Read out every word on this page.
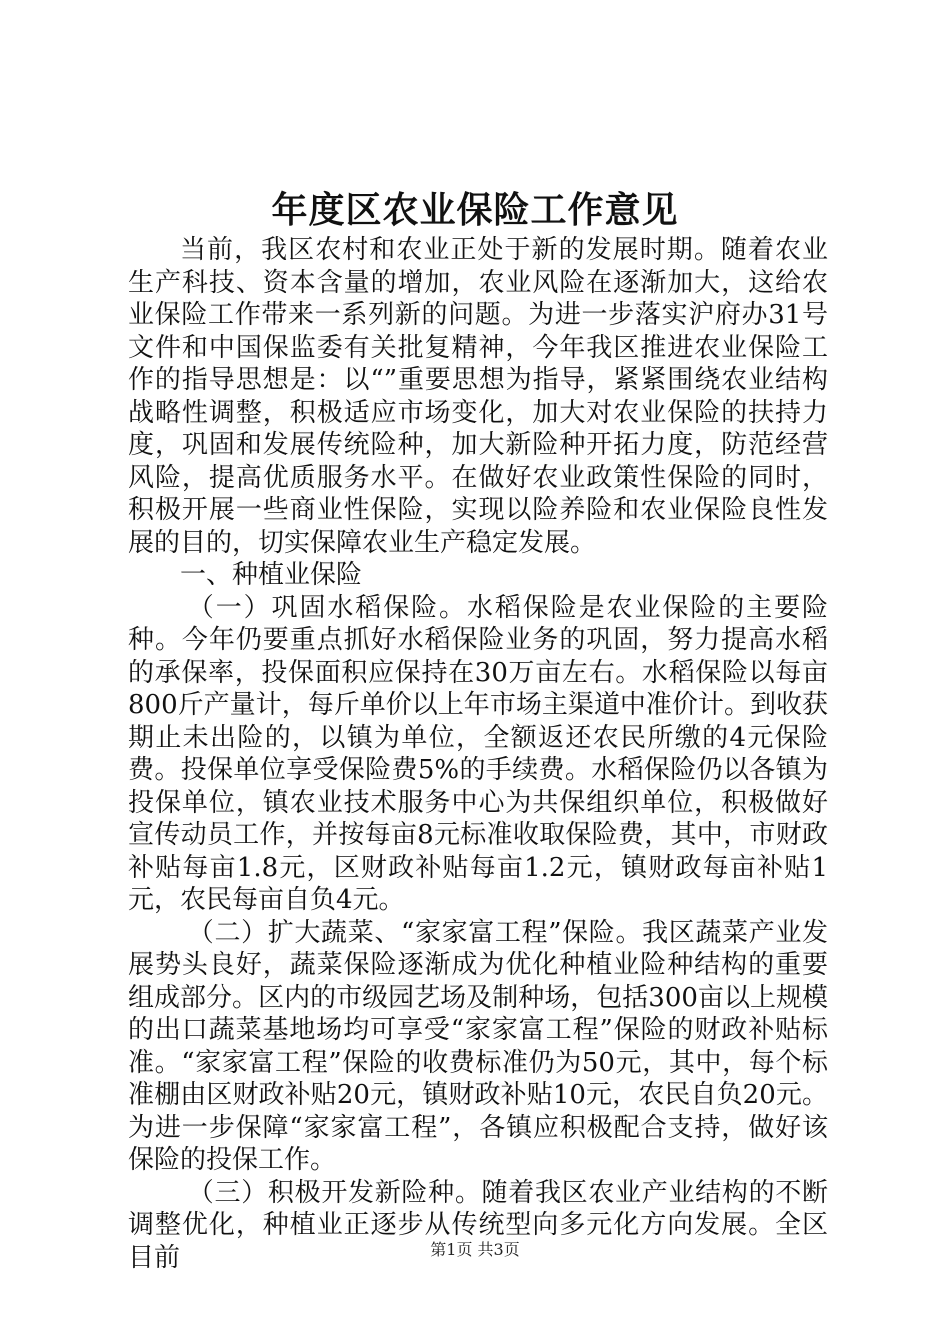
年度区农业保险工作意见

当前，我区农村和农业正处于新的发展时期。随着农业生产科技、资本含量的增加，农业风险在逐渐加大，这给农业保险工作带来一系列新的问题。为进一步落实沪府办31号文件和中国保监委有关批复精神，今年我区推进农业保险工作的指导思想是：以“”重要思想为指导，紧紧围绕农业结构战略性调整，积极适应市场变化，加大对农业保险的扶持力度，巩固和发展传统险种，加大新险种开拓力度，防范经营风险，提高优质服务水平。在做好农业政策性保险的同时，积极开展一些商业性保险，实现以险养险和农业保险良性发展的目的，切实保障农业生产稳定发展。

一、种植业保险

（一）巩固水稻保险。水稻保险是农业保险的主要险种。今年仍要重点抓好水稻保险业务的巩固，努力提高水稻的承保率，投保面积应保持在30万亩左右。水稻保险以每亩800斤产量计，每斤单价以上年市场主渠道中准价计。到收获期止未出险的，以镇为单位，全额返还农民所缴的4元保险费。投保单位享受保险费5%的手续费。水稻保险仍以各镇为投保单位，镇农业技术服务中心为共保组织单位，积极做好宣传动员工作，并按每亩8元标准收取保险费，其中，市财政补贴每亩1.8元，区财政补贴每亩1.2元，镇财政每亩补贴1元，农民每亩自负4元。

（二）扩大蔬菜、“家家富工程”保险。我区蔬菜产业发展势头良好，蔬菜保险逐渐成为优化种植业险种结构的重要组成部分。区内的市级园艺场及制种场，包括300亩以上规模的出口蔬菜基地场均可享受“家家富工程”保险的财政补贴标准。“家家富工程”保险的收费标准仍为50元，其中，每个标准棚由区财政补贴20元，镇财政补贴10元，农民自负20元。为进一步保障“家家富工程”，各镇应积极配合支持，做好该保险的投保工作。

（三）积极开发新险种。随着我区农业产业结构的不断调整优化，种植业正逐步从传统型向多元化方向发展。全区目前	第1页 共3页
